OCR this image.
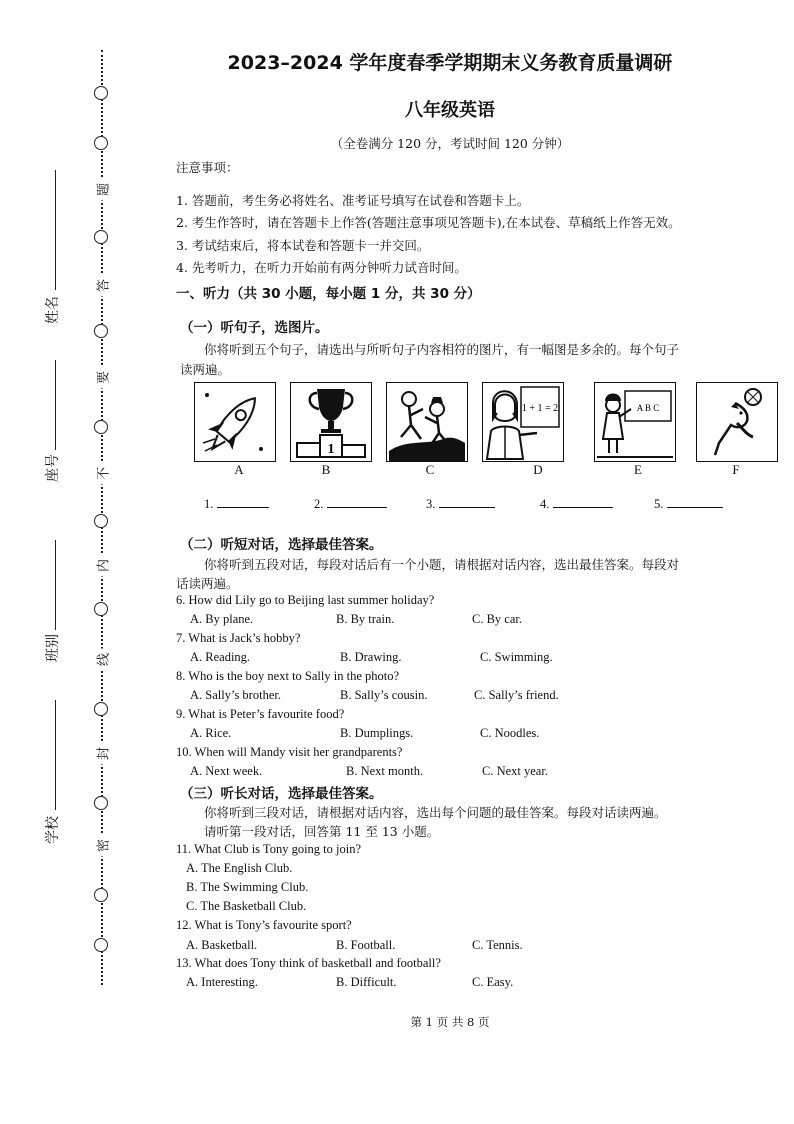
题
答
要
不
内
线
封
密
姓名
座号
班别
学校
2023–2024 学年度春季学期期末义务教育质量调研
八年级英语
（全卷满分 120 分，考试时间 120 分钟）
注意事项：
1. 答题前，考生务必将姓名、准考证号填写在试卷和答题卡上。
2. 考生作答时，请在答题卡上作答(答题注意事项见答题卡),在本试卷、草稿纸上作答无效。
3. 考试结束后，将本试卷和答题卡一并交回。
4. 先考听力，在听力开始前有两分钟听力试音时间。
一、听力（共 30 小题，每小题 1 分，共 30 分）
（一）听句子，选图片。
你将听到五个句子，请选出与所听句子内容相符的图片，有一幅图是多余的。每个句子
读两遍。
1
1 + 1 = 2	A B C
A	B	C	D	E	F
1.	2.	3.	4.	5.
（二）听短对话，选择最佳答案。
你将听到五段对话，每段对话后有一个小题，请根据对话内容，选出最佳答案。每段对
话读两遍。
6. How did Lily go to Beijing last summer holiday?
A. By plane.	B. By train.	C. By car.
7. What is Jack’s hobby?
A. Reading.	B. Drawing.	C. Swimming.
8. Who is the boy next to Sally in the photo?
A. Sally’s brother.	B. Sally’s cousin.	C. Sally’s friend.
9. What is Peter’s favourite food?
A. Rice.	B. Dumplings.	C. Noodles.
10. When will Mandy visit her grandparents?
A. Next week.	B. Next month.	C. Next year.
（三）听长对话，选择最佳答案。
你将听到三段对话，请根据对话内容，选出每个问题的最佳答案。每段对话读两遍。
请听第一段对话，回答第 11 至 13 小题。
11. What Club is Tony going to join?
A. The English Club.
B. The Swimming Club.
C. The Basketball Club.
12. What is Tony’s favourite sport?
A. Basketball.	B. Football.	C. Tennis.
13. What does Tony think of basketball and football?
A. Interesting.	B. Difficult.	C. Easy.
第 1 页 共 8 页
